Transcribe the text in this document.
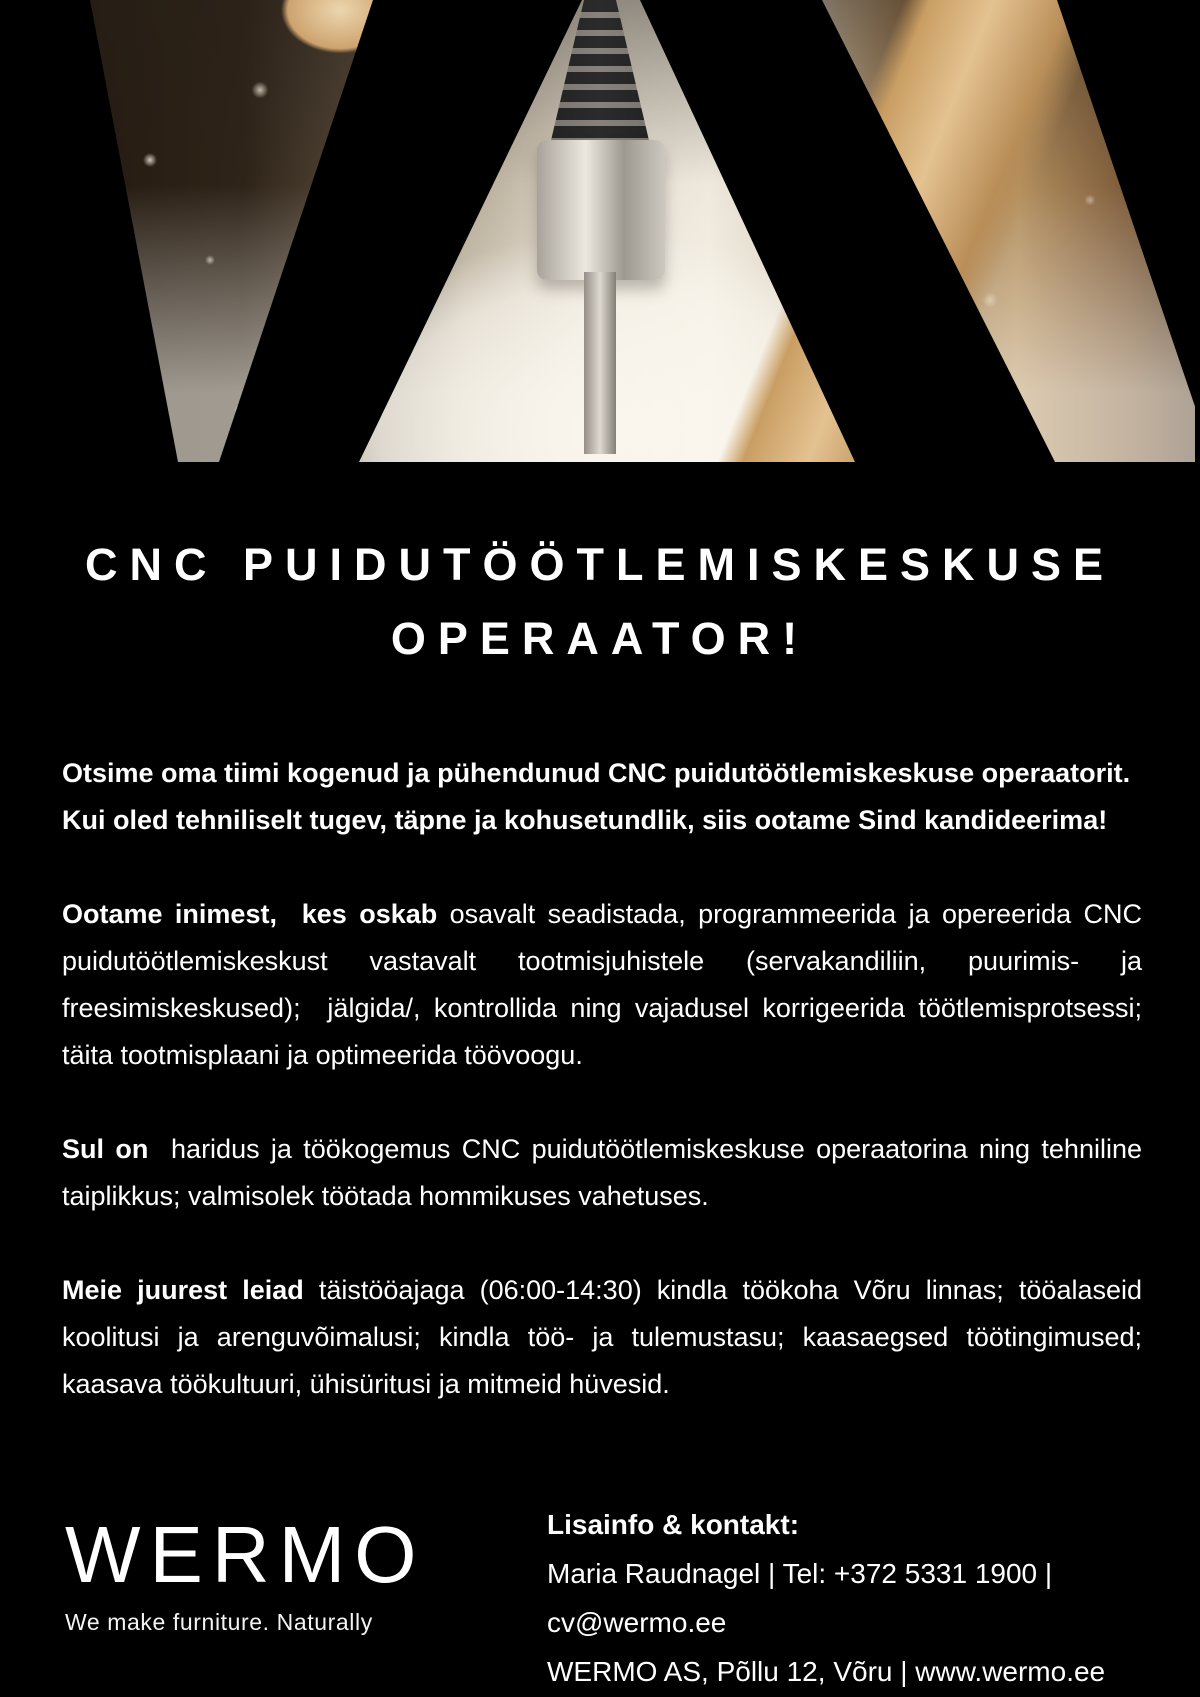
CNC PUIDUTÖÖTLEMISKESKUSE
OPERAATOR!

Otsime oma tiimi kogenud ja pühendunud CNC puidutöötlemiskeskuse operaatorit. Kui oled tehniliselt tugev, täpne ja kohusetundlik, siis ootame Sind kandideerima!

Ootame inimest,  kes oskab osavalt seadistada, programmeerida ja opereerida CNC puidutöötlemiskeskust vastavalt tootmisjuhistele (servakandiliin, puurimis- ja freesimiskeskused);  jälgida/, kontrollida ning vajadusel korrigeerida töötlemisprotsessi; täita tootmisplaani ja optimeerida töövoogu.

Sul on  haridus ja töökogemus CNC puidutöötlemiskeskuse operaatorina ning tehniline taiplikkus; valmisolek töötada hommikuses vahetuses.

Meie juurest leiad täistööajaga (06:00-14:30) kindla töökoha Võru linnas; tööalaseid koolitusi ja arenguvõimalusi; kindla töö- ja tulemustasu; kaasaegsed töötingimused; kaasava töökultuuri, ühisüritusi ja mitmeid hüvesid.

WERMO
We make furniture. Naturally
Lisainfo & kontakt:
Maria Raudnagel | Tel: +372 5331 1900 |
cv@wermo.ee
WERMO AS, Põllu 12, Võru | www.wermo.ee
